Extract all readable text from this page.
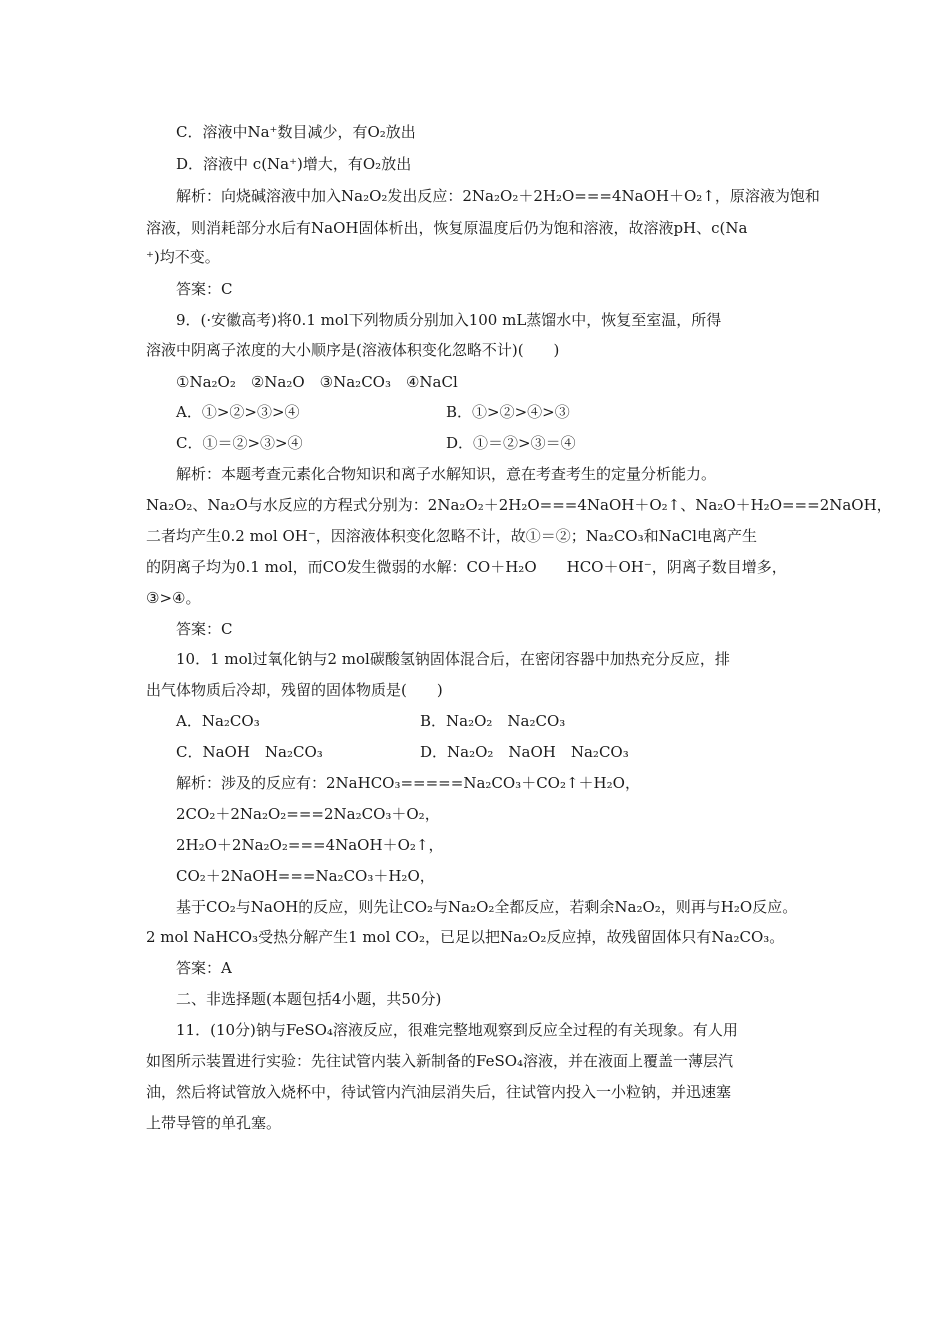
C．溶液中Na⁺数目减少，有O₂放出
D．溶液中 c(Na⁺)增大，有O₂放出
解析：向烧碱溶液中加入Na₂O₂发出反应：2Na₂O₂＋2H₂O===4NaOH＋O₂↑，原溶液为饱和
溶液，则消耗部分水后有NaOH固体析出，恢复原温度后仍为饱和溶液，故溶液pH、c(Na
⁺)均不变。
答案：C
9．(·安徽高考)将0.1 mol下列物质分别加入100 mL蒸馏水中，恢复至室温，所得
溶液中阴离子浓度的大小顺序是(溶液体积变化忽略不计)(　　)
①Na₂O₂　②Na₂O　③Na₂CO₃　④NaCl
A．①>②>③>④
C．①＝②>③>④
解析：本题考查元素化合物知识和离子水解知识，意在考查考生的定量分析能力。
Na₂O₂、Na₂O与水反应的方程式分别为：2Na₂O₂＋2H₂O===4NaOH＋O₂↑、Na₂O＋H₂O===2NaOH，
二者均产生0.2 mol OH⁻，因溶液体积变化忽略不计，故①＝②；Na₂CO₃和NaCl电离产生
的阴离子均为0.1 mol，而CO发生微弱的水解：CO＋H₂O　　HCO＋OH⁻，阴离子数目增多，
③>④。
答案：C
10．1 mol过氧化钠与2 mol碳酸氢钠固体混合后，在密闭容器中加热充分反应，排
出气体物质后冷却，残留的固体物质是(　　)
A．Na₂CO₃
C．NaOH　Na₂CO₃
解析：涉及的反应有：2NaHCO₃=====Na₂CO₃＋CO₂↑＋H₂O，
2CO₂＋2Na₂O₂===2Na₂CO₃＋O₂，
2H₂O＋2Na₂O₂===4NaOH＋O₂↑，
CO₂＋2NaOH===Na₂CO₃＋H₂O，
基于CO₂与NaOH的反应，则先让CO₂与Na₂O₂全都反应，若剩余Na₂O₂，则再与H₂O反应。
2 mol NaHCO₃受热分解产生1 mol CO₂，已足以把Na₂O₂反应掉，故残留固体只有Na₂CO₃。
答案：A
二、非选择题(本题包括4小题，共50分)
11．(10分)钠与FeSO₄溶液反应，很难完整地观察到反应全过程的有关现象。有人用
如图所示装置进行实验：先往试管内装入新制备的FeSO₄溶液，并在液面上覆盖一薄层汽
油，然后将试管放入烧杯中，待试管内汽油层消失后，往试管内投入一小粒钠，并迅速塞
上带导管的单孔塞。
B．①>②>④>③
D．①＝②>③＝④
B．Na₂O₂　Na₂CO₃
D．Na₂O₂　NaOH　Na₂CO₃
